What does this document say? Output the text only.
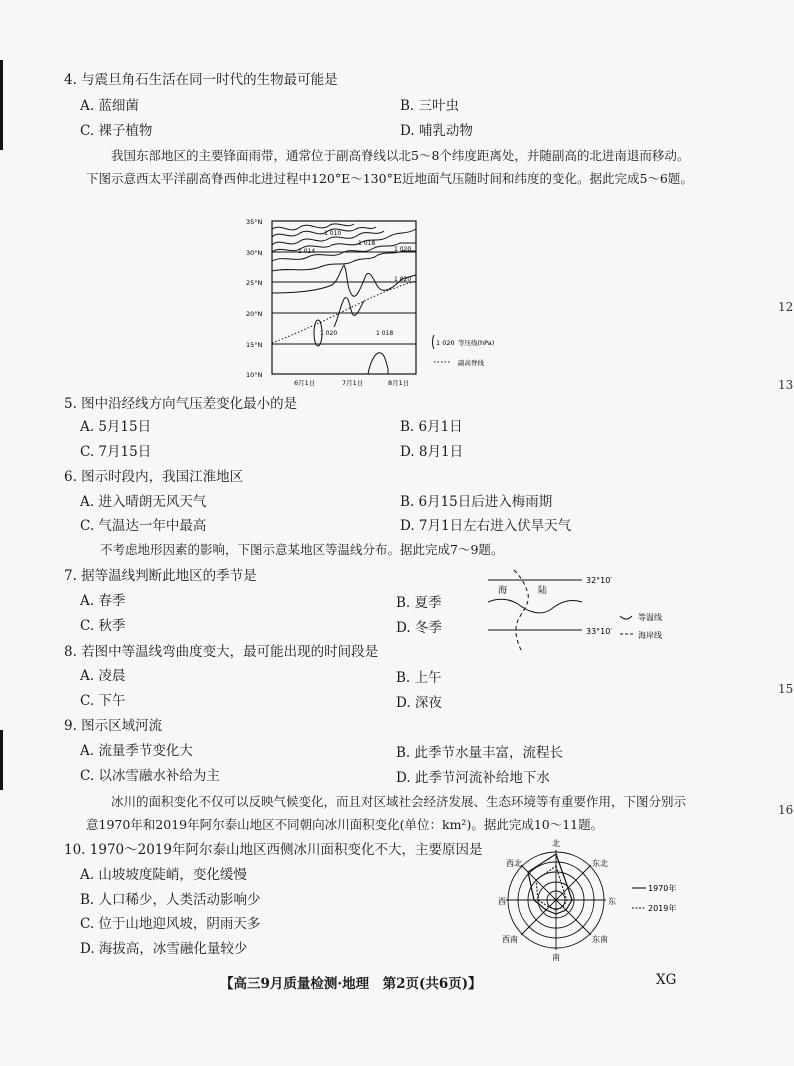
12
13
15
16
4. 与震旦角石生活在同一时代的生物最可能是
A. 蓝细菌	B. 三叶虫
C. 裸子植物	D. 哺乳动物
我国东部地区的主要锋面雨带，通常位于副高脊线以北5～8个纬度距离处，并随副高的北进南退而移动。下图示意西太平洋副高脊西伸北进过程中120°E～130°E近地面气压随时间和纬度的变化。据此完成5～6题。
35°N
30°N
25°N
20°N
15°N
10°N
6月1日	7月1日	8月1日
1 010
1 014
1 018
1 020
1 020
1 020	1 018
1 020 等压线(hPa)
副高脊线
5. 图中沿经线方向气压差变化最小的是
A. 5月15日	B. 6月1日
C. 7月15日	D. 8月1日
6. 图示时段内，我国江淮地区
A. 进入晴朗无风天气	B. 6月15日后进入梅雨期
C. 气温达一年中最高	D. 7月1日左右进入伏旱天气
不考虑地形因素的影响，下图示意某地区等温线分布。据此完成7～9题。
7. 据等温线判断此地区的季节是
A. 春季	B. 夏季
C. 秋季	D. 冬季
32°10′
33°10′
海	陆
等温线
海岸线
8. 若图中等温线弯曲度变大，最可能出现的时间段是
A. 凌晨	B. 上午
C. 下午	D. 深夜
9. 图示区域河流
A. 流量季节变化大	B. 此季节水量丰富，流程长
C. 以冰雪融水补给为主	D. 此季节河流补给地下水
冰川的面积变化不仅可以反映气候变化，而且对区域社会经济发展、生态环境等有重要作用，下图分别示意1970年和2019年阿尔泰山地区不同朝向冰川面积变化(单位：km²)。据此完成10～11题。
10. 1970～2019年阿尔泰山地区西侧冰川面积变化不大，主要原因是
A. 山坡坡度陡峭，变化缓慢
B. 人口稀少，人类活动影响少
C. 位于山地迎风坡，阴雨天多
D. 海拔高，冰雪融化量较少
北
东北
东
东南
南
西南
西
西北
1970年
2019年
【高三9月质量检测·地理　第2页(共6页)】	XG
